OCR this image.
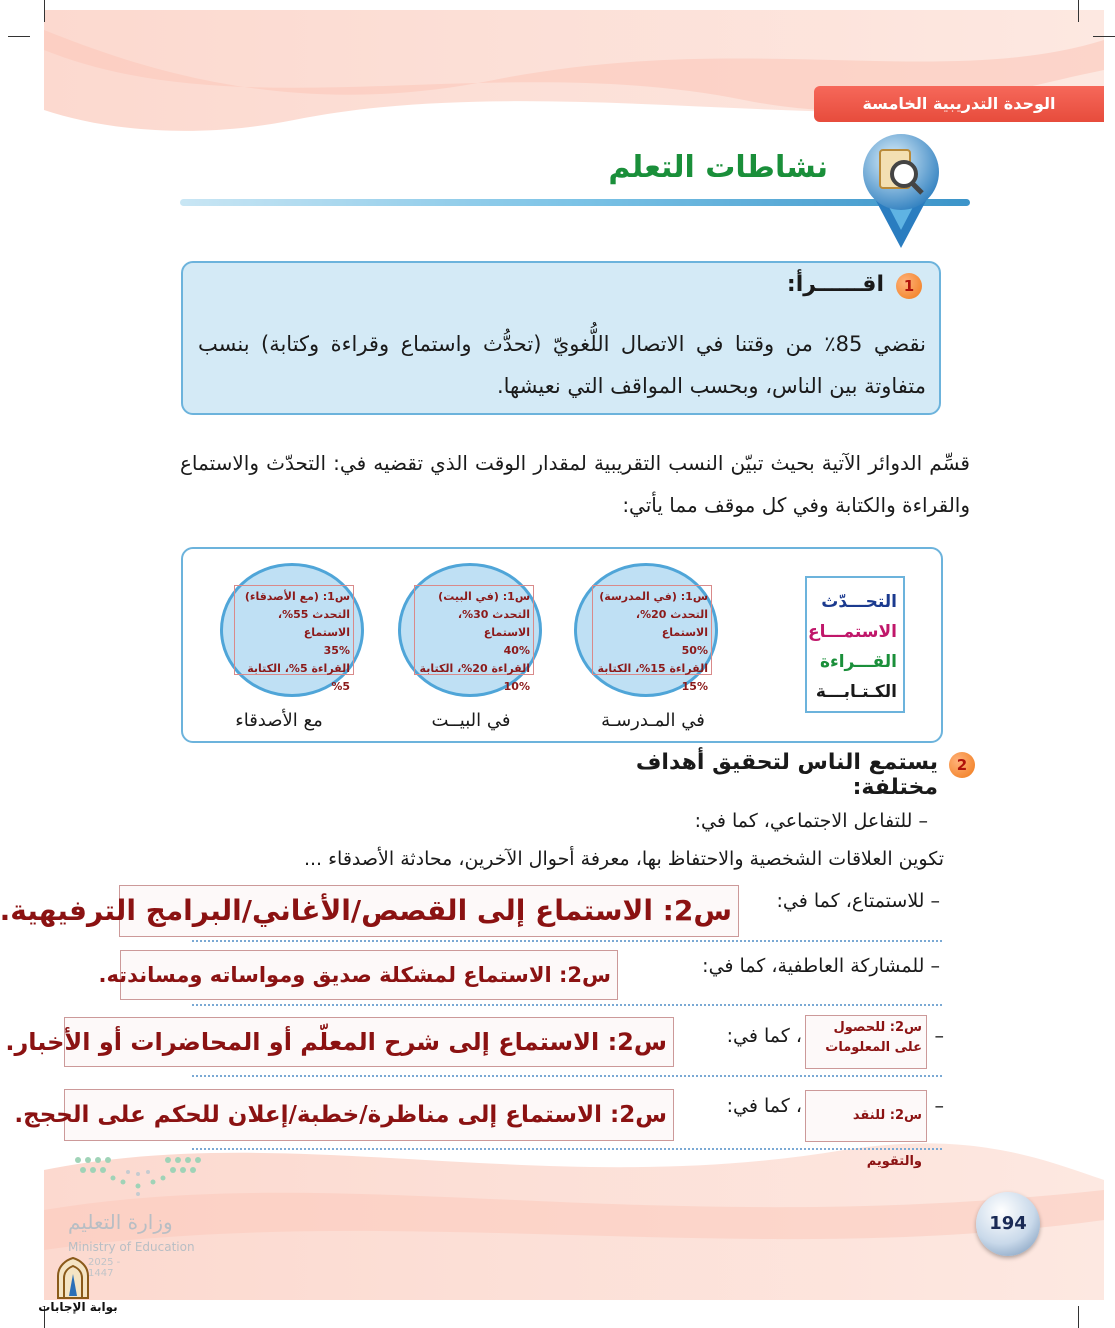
الوحدة التدريبية الخامسة
نشاطات التعلم
1
اقــــــرأ:
نقضي 85٪ من وقتنا في الاتصال اللُّغويّ (تحدُّث واستماع وقراءة وكتابة) بنسب متفاوتة بين الناس، وبحسب المواقف التي نعيشها.
قسِّم الدوائر الآتية بحيث تبيّن النسب التقريبية لمقدار الوقت الذي تقضيه في: التحدّث والاستماع والقراءة والكتابة وفي كل موقف مما يأتي:
التحـــدّث
الاستمـــاع
القـــراءة
الكـتـابـــة
س1: (في المدرسة)
التحدث 20%، الاستماع
50%
القراءة 15%، الكتابة
15%
في المـدرسـة
س1: (في البيت)
التحدث 30%، الاستماع
40%
القراءة 20%، الكتابة
10%
في البيــت
س1: (مع الأصدقاء)
التحدث 55%، الاستماع
35%
القراءة 5%، الكتابة 5%
مع الأصدقاء
2
يستمع الناس لتحقيق أهداف مختلفة:
– للتفاعل الاجتماعي، كما في:
تكوين العلاقات الشخصية والاحتفاظ بها، معرفة أحوال الآخرين، محادثة الأصدقاء ...
– للاستمتاع، كما في:
س2: الاستماع إلى القصص/الأغاني/البرامج الترفيهية.
– للمشاركة العاطفية، كما في:
س2: الاستماع لمشكلة صديق ومواساته ومساندته.
–
س2: للحصول على المعلومات
، كما في:
س2: الاستماع إلى شرح المعلّم أو المحاضرات أو الأخبار.
–
س2: للنقد والتقويم
، كما في:
س2: الاستماع إلى مناظرة/خطبة/إعلان للحكم على الحجج.
وزارة التعليم
Ministry of Education
2025 - 1447
بوابة الإجابات
194
